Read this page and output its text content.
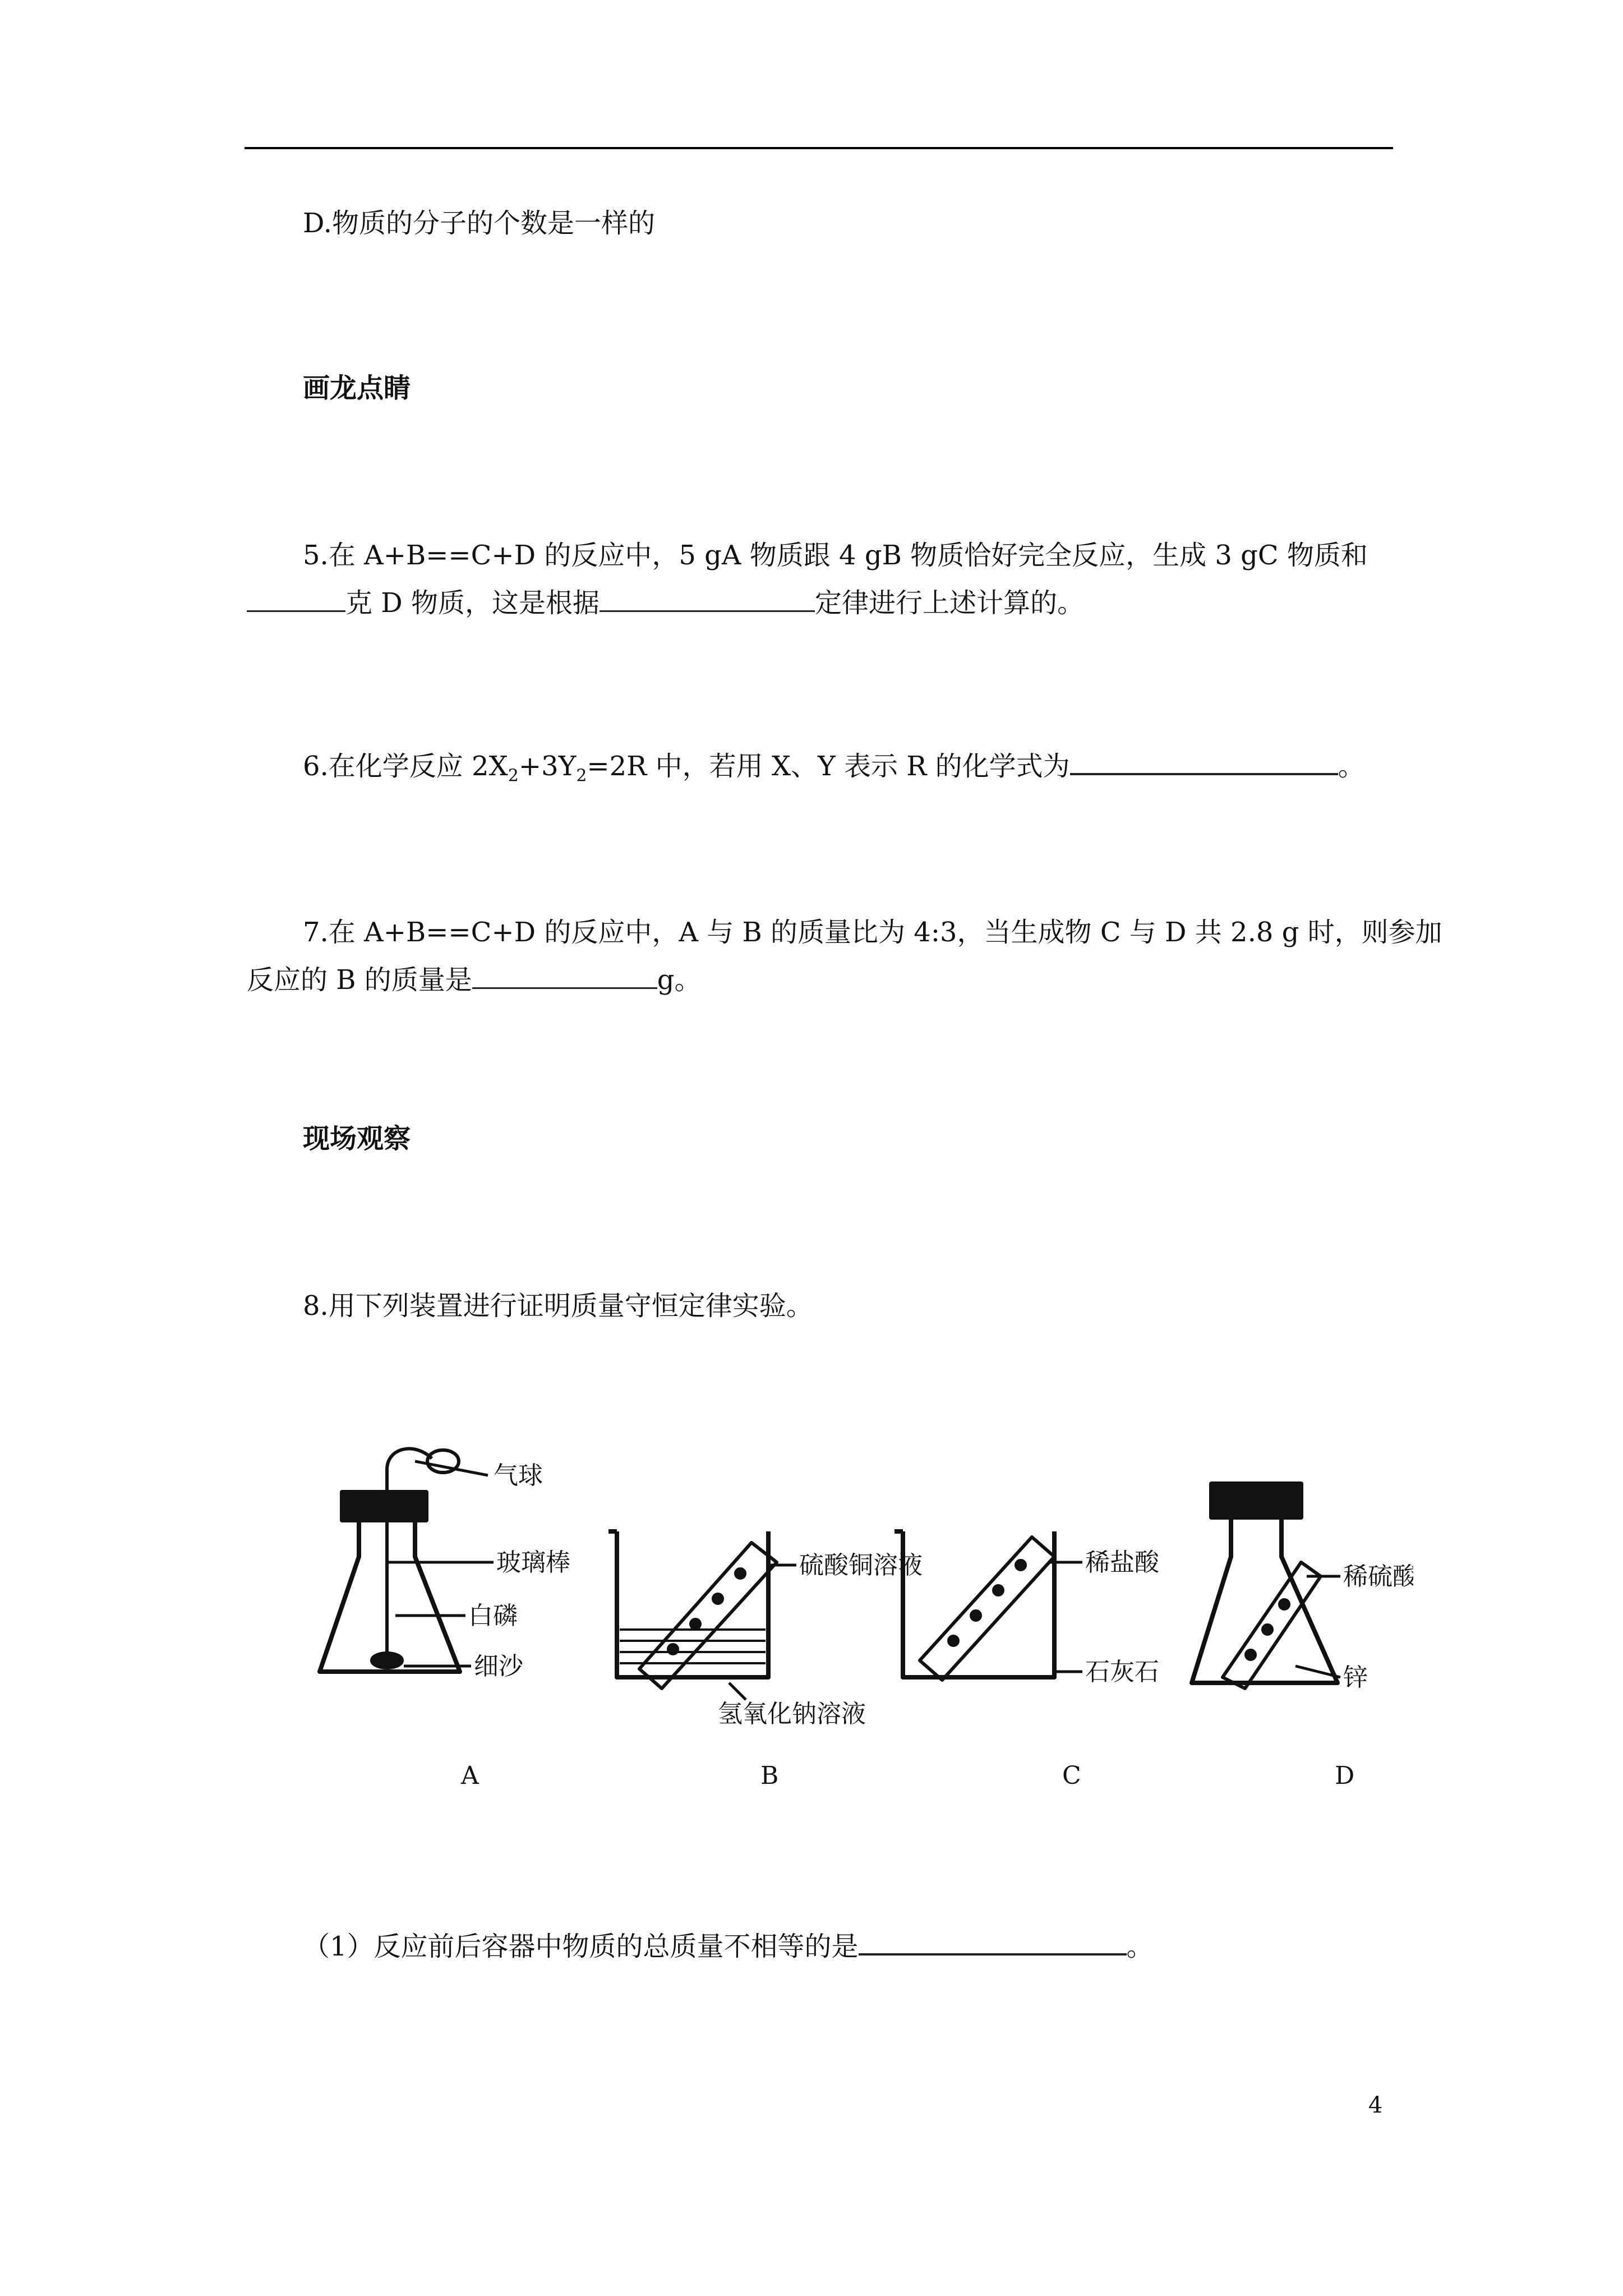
D.物质的分子的个数是一样的
画龙点睛
5.在 A+B==C+D 的反应中，5 gA 物质跟 4 gB 物质恰好完全反应，生成 3 gC 物质和
克 D 物质，这是根据	定律进行上述计算的。
6.在化学反应 $2X_2+3Y_2=2R$ 中，若用 X、Y 表示 R 的化学式为	。
7.在 A+B==C+D 的反应中，A 与 B 的质量比为 4:3，当生成物 C 与 D 共 2.8 g 时，则参加
反应的 B 的质量是	g。
现场观察
8.用下列装置进行证明质量守恒定律实验。
气球
玻璃棒
白磷
细沙
硫酸铜溶液
氢氧化钠溶液
稀盐酸
石灰石
稀硫酸
锌
A	B	C	D
（1）反应前后容器中物质的总质量不相等的是	。
4
